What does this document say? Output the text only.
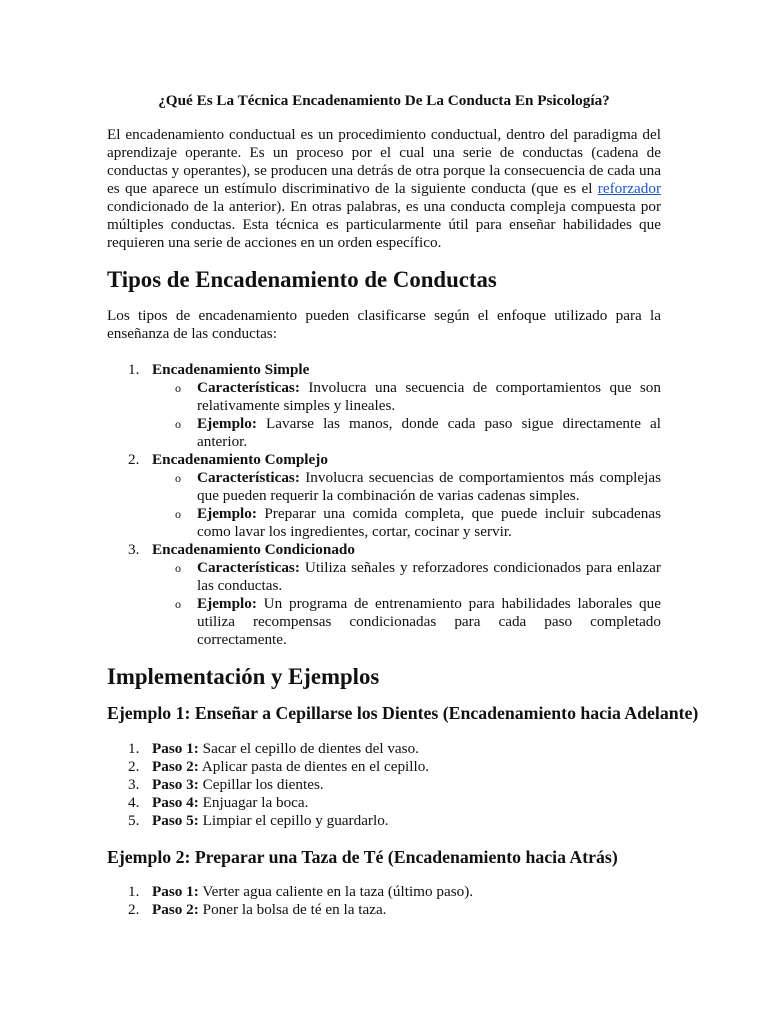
¿Qué Es La Técnica Encadenamiento De La Conducta En Psicología?

El encadenamiento conductual es un procedimiento conductual, dentro del paradigma del aprendizaje operante. Es un proceso por el cual una serie de conductas (cadena de conductas y operantes), se producen una detrás de otra porque la consecuencia de cada una es que aparece un estímulo discriminativo de la siguiente conducta (que es el reforzador condicionado de la anterior). En otras palabras, es una conducta compleja compuesta por múltiples conductas. Esta técnica es particularmente útil para enseñar habilidades que requieren una serie de acciones en un orden específico.

Tipos de Encadenamiento de Conductas

Los tipos de encadenamiento pueden clasificarse según el enfoque utilizado para la enseñanza de las conductas:

1. Encadenamiento Simple
o Características: Involucra una secuencia de comportamientos que son relativamente simples y lineales.
o Ejemplo: Lavarse las manos, donde cada paso sigue directamente al anterior.
2. Encadenamiento Complejo
o Características: Involucra secuencias de comportamientos más complejas que pueden requerir la combinación de varias cadenas simples.
o Ejemplo: Preparar una comida completa, que puede incluir subcadenas como lavar los ingredientes, cortar, cocinar y servir.
3. Encadenamiento Condicionado
o Características: Utiliza señales y reforzadores condicionados para enlazar las conductas.
o Ejemplo: Un programa de entrenamiento para habilidades laborales que utiliza recompensas condicionadas para cada paso completado correctamente.
Implementación y Ejemplos
Ejemplo 1: Enseñar a Cepillarse los Dientes (Encadenamiento hacia Adelante)
1. Paso 1: Sacar el cepillo de dientes del vaso.
2. Paso 2: Aplicar pasta de dientes en el cepillo.
3. Paso 3: Cepillar los dientes.
4. Paso 4: Enjuagar la boca.
5. Paso 5: Limpiar el cepillo y guardarlo.
Ejemplo 2: Preparar una Taza de Té (Encadenamiento hacia Atrás)
1. Paso 1: Verter agua caliente en la taza (último paso).
2. Paso 2: Poner la bolsa de té en la taza.
